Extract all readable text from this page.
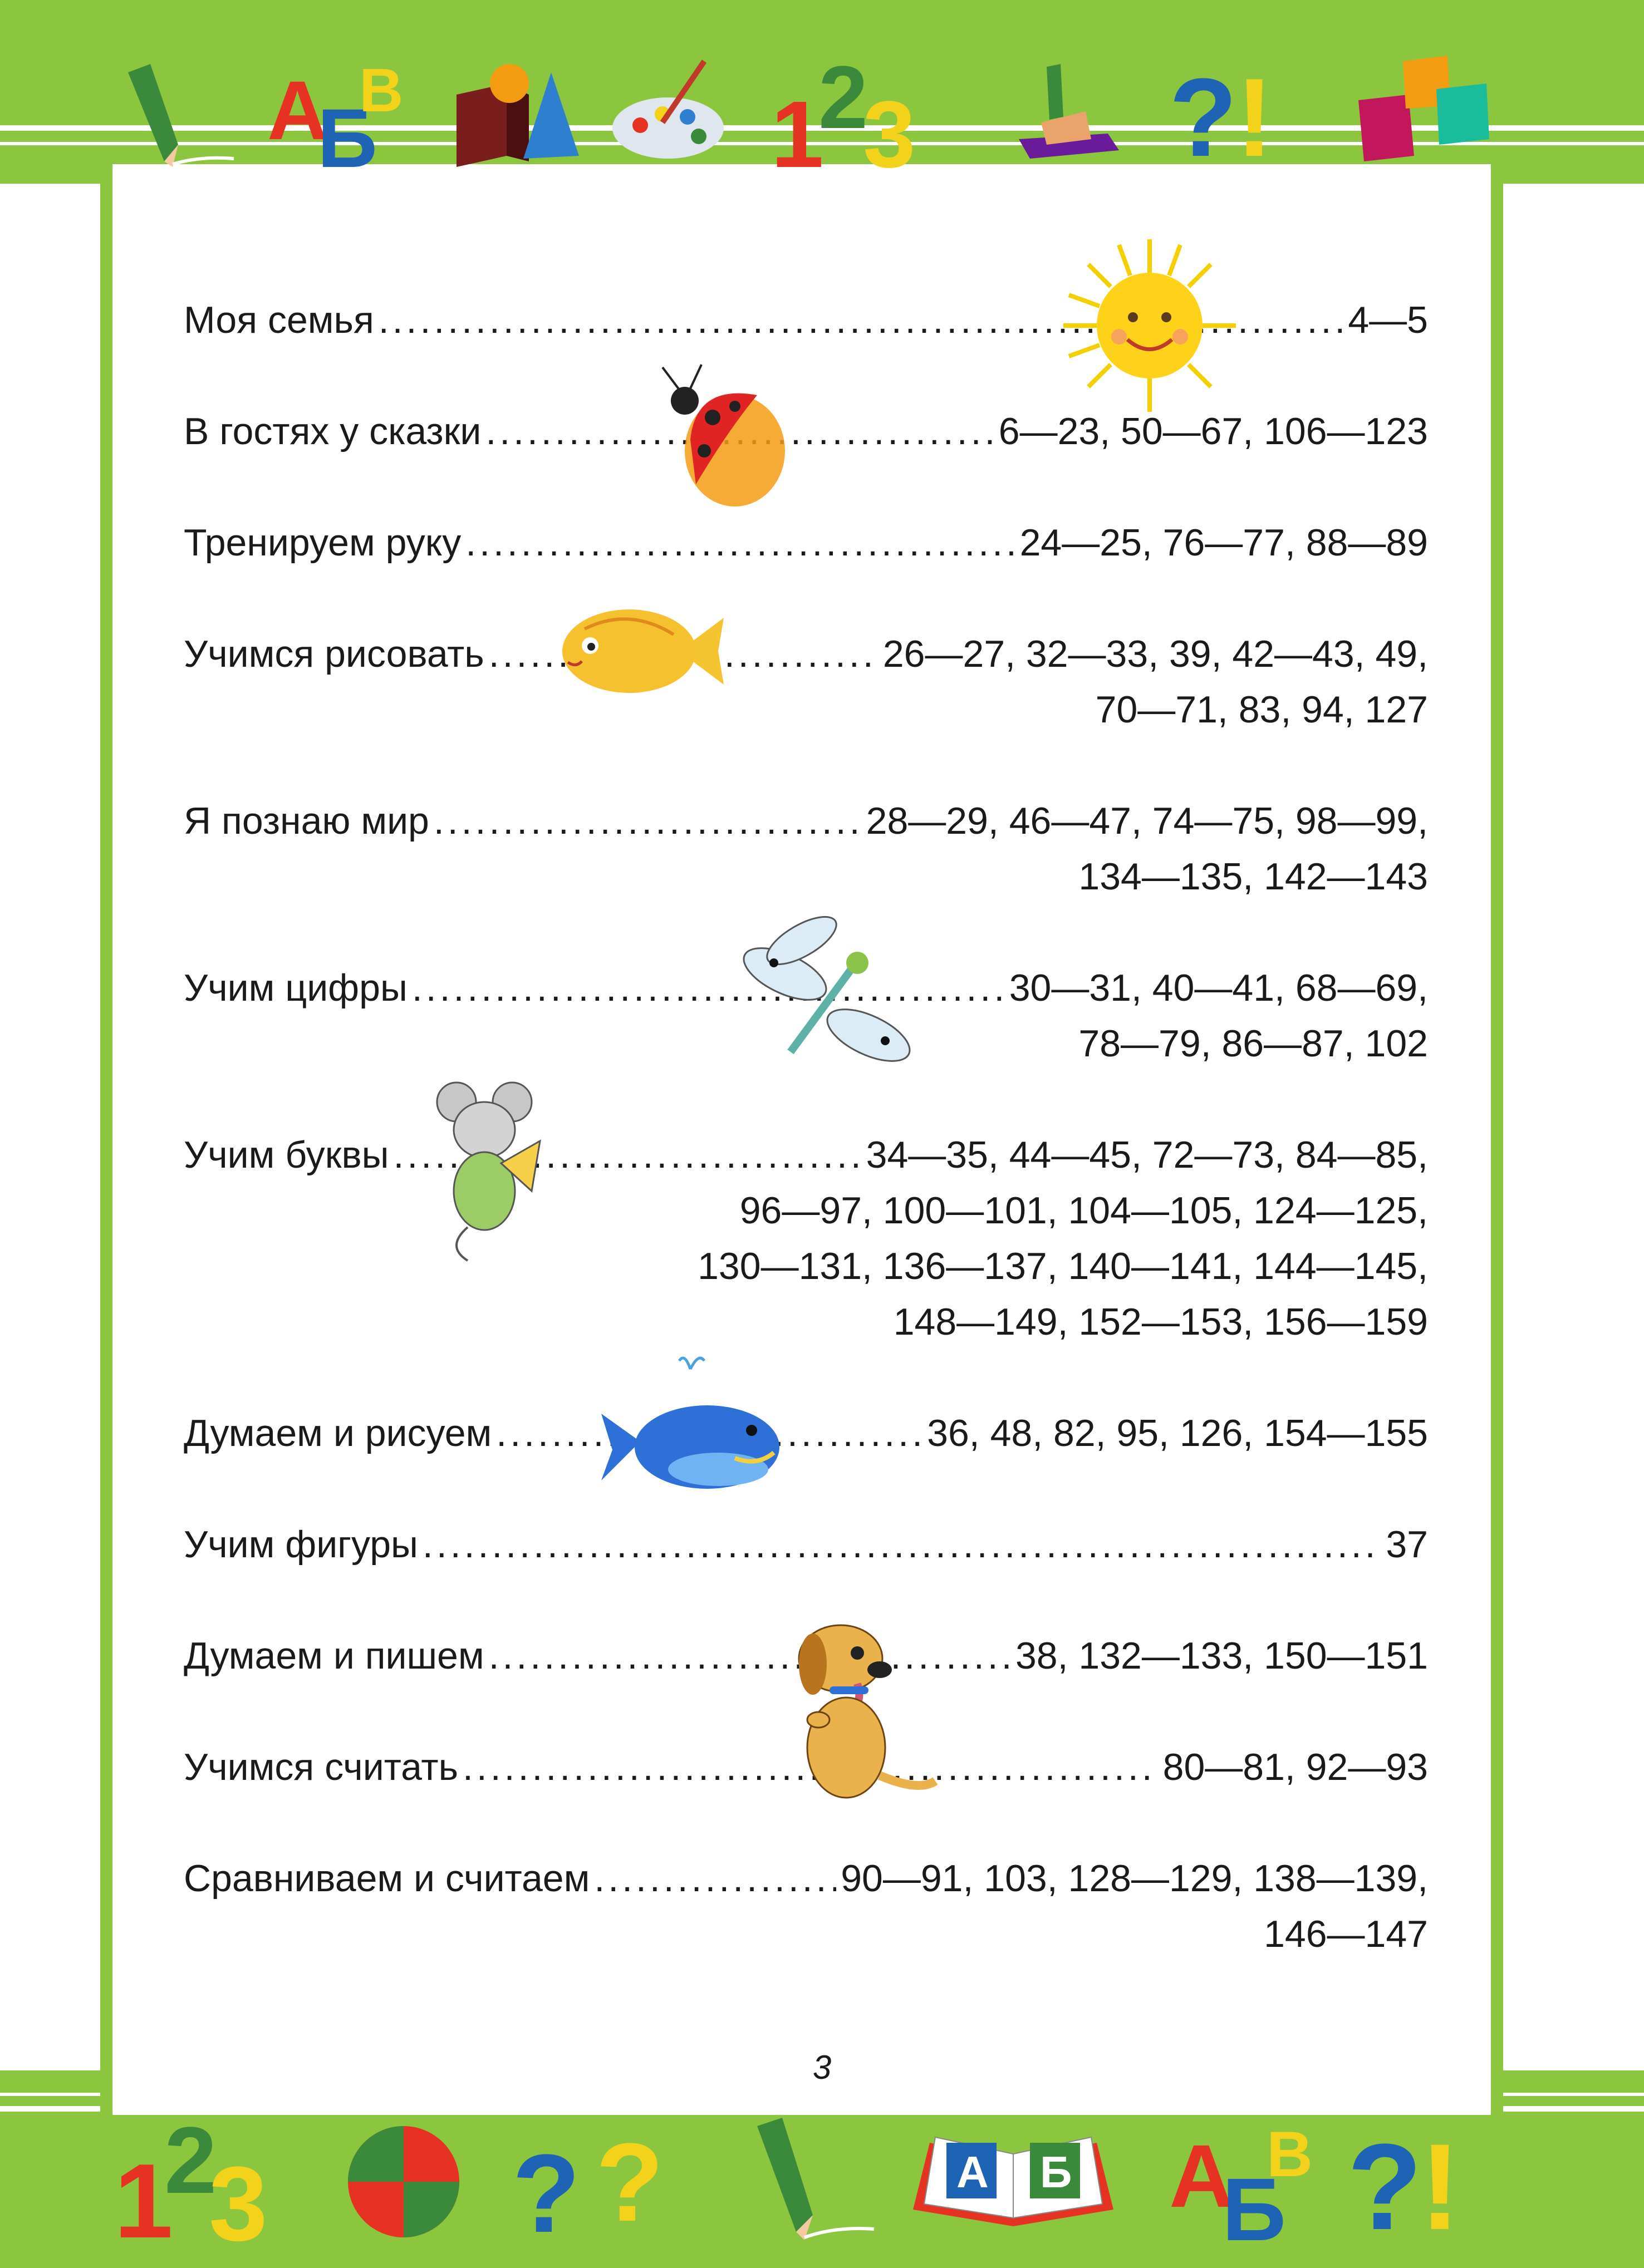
А
Б
В	1
2
3 ?
!
Моя семья .....	4—5
В гостях у сказки .....	6—23, 50—67, 106—123
Тренируем руку .....	24—25, 76—77, 88—89
Учимся рисовать .....	26—27, 32—33, 39, 42—43, 49,
70—71, 83, 94, 127
Я познаю мир .....	28—29, 46—47, 74—75, 98—99,
134—135, 142—143
Учим цифры .....	30—31, 40—41, 68—69,
78—79, 86—87, 102
Учим буквы .....	34—35, 44—45, 72—73, 84—85,
96—97, 100—101, 104—105, 124—125,
130—131, 136—137, 140—141, 144—145,
148—149, 152—153, 156—159
Думаем и рисуем .....	36, 48, 82, 95, 126, 154—155
Учим фигуры .....	37
Думаем и пишем .....	38, 132—133, 150—151
Учимся считать .....	80—81, 92—93
Сравниваем и считаем .....	90—91, 103, 128—129, 138—139,
146—147
3
1
2
3 ? ?	А Б А
Б
В ?
!
